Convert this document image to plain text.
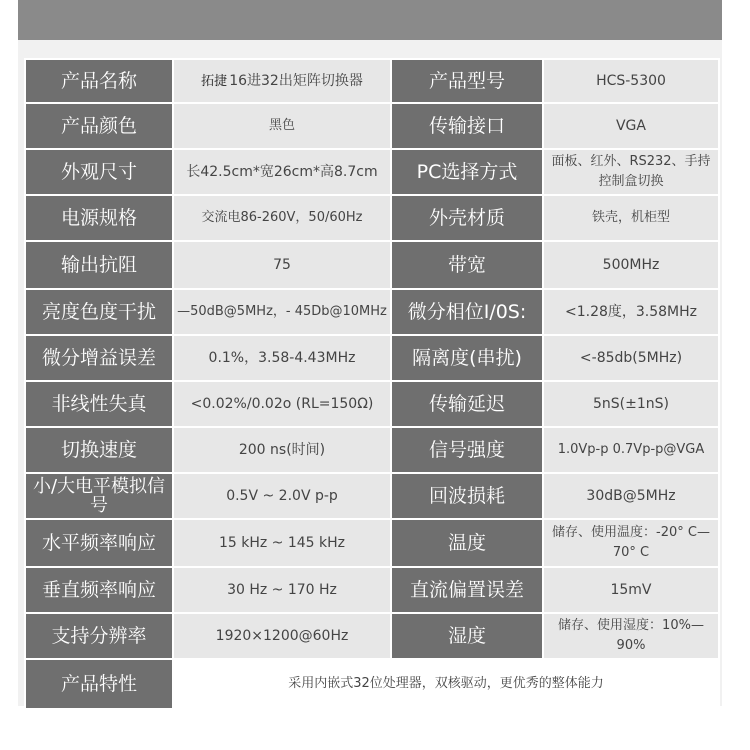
产品名称	拓捷 16进32出矩阵切换器	产品型号	HCS-5300
产品颜色	黑色	传输接口	VGA
外观尺寸	长42.5cm*宽26cm*高8.7cm	PC选择方式	面板、红外、RS232、手持控制盒切换
电源规格	交流电86-260V，50/60Hz	外壳材质	铁壳，机柜型
输出抗阻	75	带宽	500MHz
亮度色度干扰	—50dB@5MHz，- 45Db@10MHz	微分相位I/0S:	<1.28度，3.58MHz
微分增益误差	0.1%，3.58-4.43MHz	隔离度(串扰)	<-85db(5MHz)
非线性失真	<0.02%/0.02o (RL=150Ω)	传输延迟	5nS(±1nS)
切换速度	200 ns(时间)	信号强度	1.0Vp-p 0.7Vp-p@VGA
小/大电平模拟信号	0.5V ~ 2.0V p-p	回波损耗	30dB@5MHz
水平频率响应	15 kHz ~ 145 kHz	温度	储存、使用温度：-20° C—70° C
垂直频率响应	30 Hz ~ 170 Hz	直流偏置误差	15mV
支持分辨率	1920×1200@60Hz	湿度	储存、使用湿度：10%—90%
产品特性	采用内嵌式32位处理器，双核驱动，更优秀的整体能力		
